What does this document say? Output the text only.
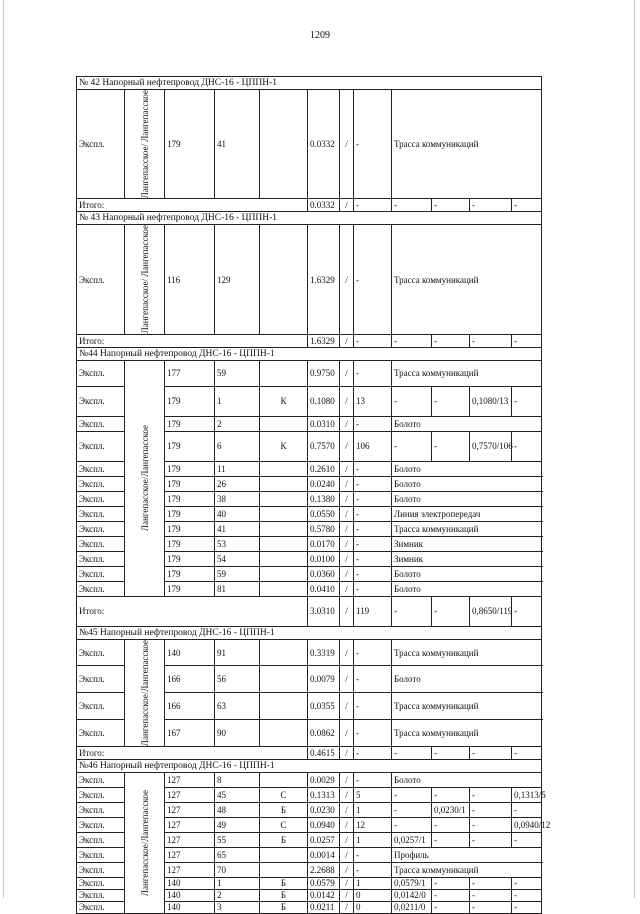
1209
№ 42 Напорный нефтепровод ДНС-16 - ЦППН-1											
Экспл.	Лангепасское/ Лангепасское	179	41		0.0332	/	-	Трасса коммуникаций			
Итого:					0.0332	/	-	-	-	-	-
№ 43 Напорный нефтепровод ДНС-16 - ЦППН-1											
Экспл.	Лангепасское/ Лангепасское	116	129		1.6329	/	-	Трасса коммуникаций			
Итого:					1.6329	/	-	-	-	-	-
№44 Напорный нефтепровод ДНС-16 - ЦППН-1											
Экспл.	Лангепасское/Лангепасское	177	59		0.9750	/	-	Трасса коммуникаций			
Экспл.		179	1	К	0.1080	/	13	-	-	0,1080/13	-
Экспл.		179	2		0.0310	/	-	Болото			
Экспл.		179	6	К	0.7570	/	106	-	-	0,7570/106	-
Экспл.		179	11		0.2610	/	-	Болото			
Экспл.		179	26		0.0240	/	-	Болото			
Экспл.		179	38		0.1380	/	-	Болото			
Экспл.		179	40		0.0550	/	-	Линия электропередач			
Экспл.		179	41		0.5780	/	-	Трасса коммуникаций			
Экспл.		179	53		0.0170	/	-	Зимник			
Экспл.		179	54		0.0100	/	-	Зимник			
Экспл.		179	59		0.0360	/	-	Болото			
Экспл.		179	81		0.0410	/	-	Болото			
Итого:					3.0310	/	119	-	-	0,8650/119	-
№45 Напорный нефтепровод ДНС-16 - ЦППН-1											
Экспл.	Лангепасское/Лангепасское	140	91		0.3319	/	-	Трасса коммуникаций			
Экспл.		166	56		0.0079	/	-	Болото			
Экспл.		166	63		0.0355	/	-	Трасса коммуникаций			
Экспл.		167	90		0.0862	/	-	Трасса коммуникаций			
Итого:					0.4615	/	-	-	-	-	-
№46 Напорный нефтепровод ДНС-16 - ЦППН-1											
Экспл.	Лангепасское/Лангепасское	127	8		0.0029	/	-	Болото			
Экспл.		127	45	С	0.1313	/	5	-	-	-	0,1313/5
Экспл.		127	48	Б	0.0230	/	1	-	0,0230/1	-	-
Экспл.		127	49	С	0.0940	/	12	-	-	-	0,0940/12
Экспл.		127	55	Б	0.0257	/	1	0,0257/1	-	-	-
Экспл.		127	65		0.0014	/	-	Профиль			
Экспл.		127	70		2.2688	/	-	Трасса коммуникаций			
Экспл.		140	1	Б	0.0579	/	1	0,0579/1	-	-	-
Экспл.		140	2	Б	0.0142	/	0	0,0142/0	-	-	-
Экспл.		140	3	Б	0.0211	/	0	0,0211/0	-	-	-
